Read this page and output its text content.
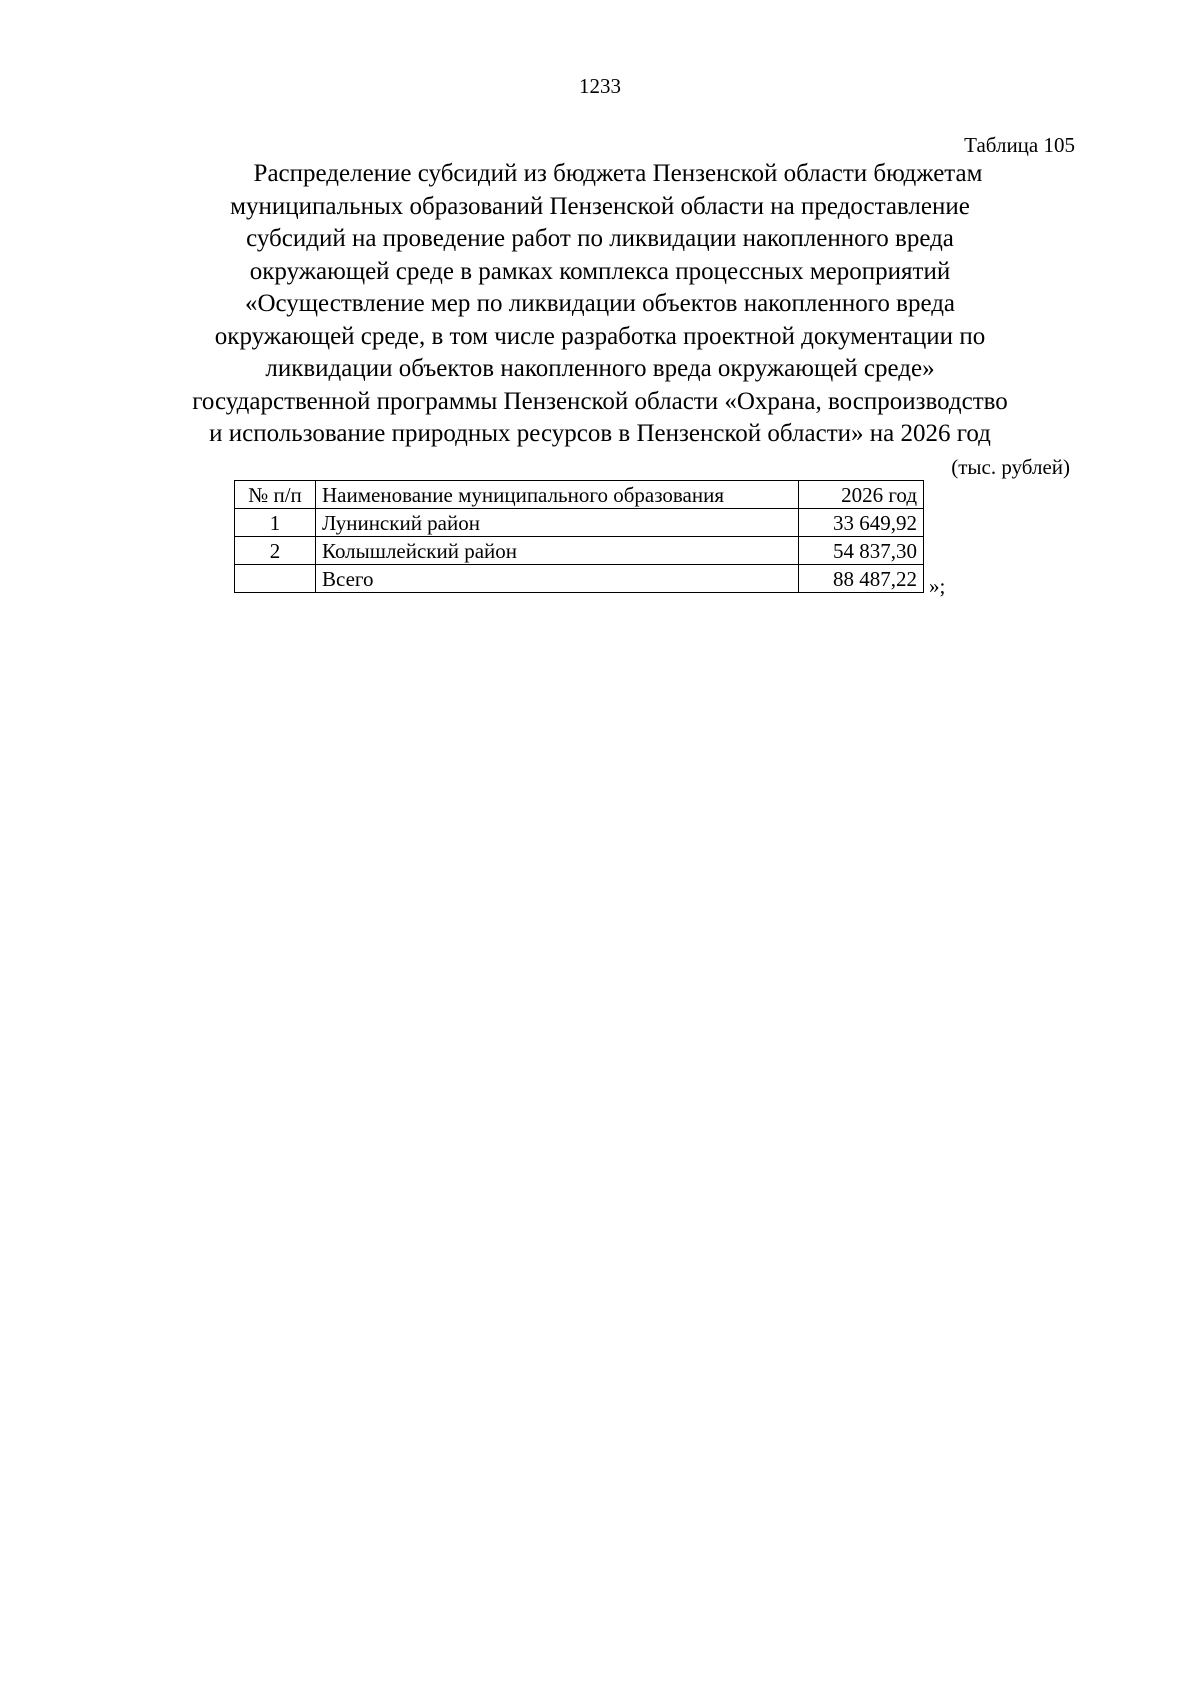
1233
Таблица 105
Распределение субсидий из бюджета Пензенской области бюджетам
муниципальных образований Пензенской области на предоставление
субсидий на проведение работ по ликвидации накопленного вреда
окружающей среде в рамках комплекса процессных мероприятий
«Осуществление мер по ликвидации объектов накопленного вреда
окружающей среде, в том числе разработка проектной документации по
ликвидации объектов накопленного вреда окружающей среде»
государственной программы Пензенской области «Охрана, воспроизводство
и использование природных ресурсов в Пензенской области» на 2026 год
(тыс. рублей)
№ п/п	Наименование муниципального образования	2026 год
1	Лунинский район	33 649,92
2	Колышлейский район	54 837,30
	Всего	88 487,22 »;
